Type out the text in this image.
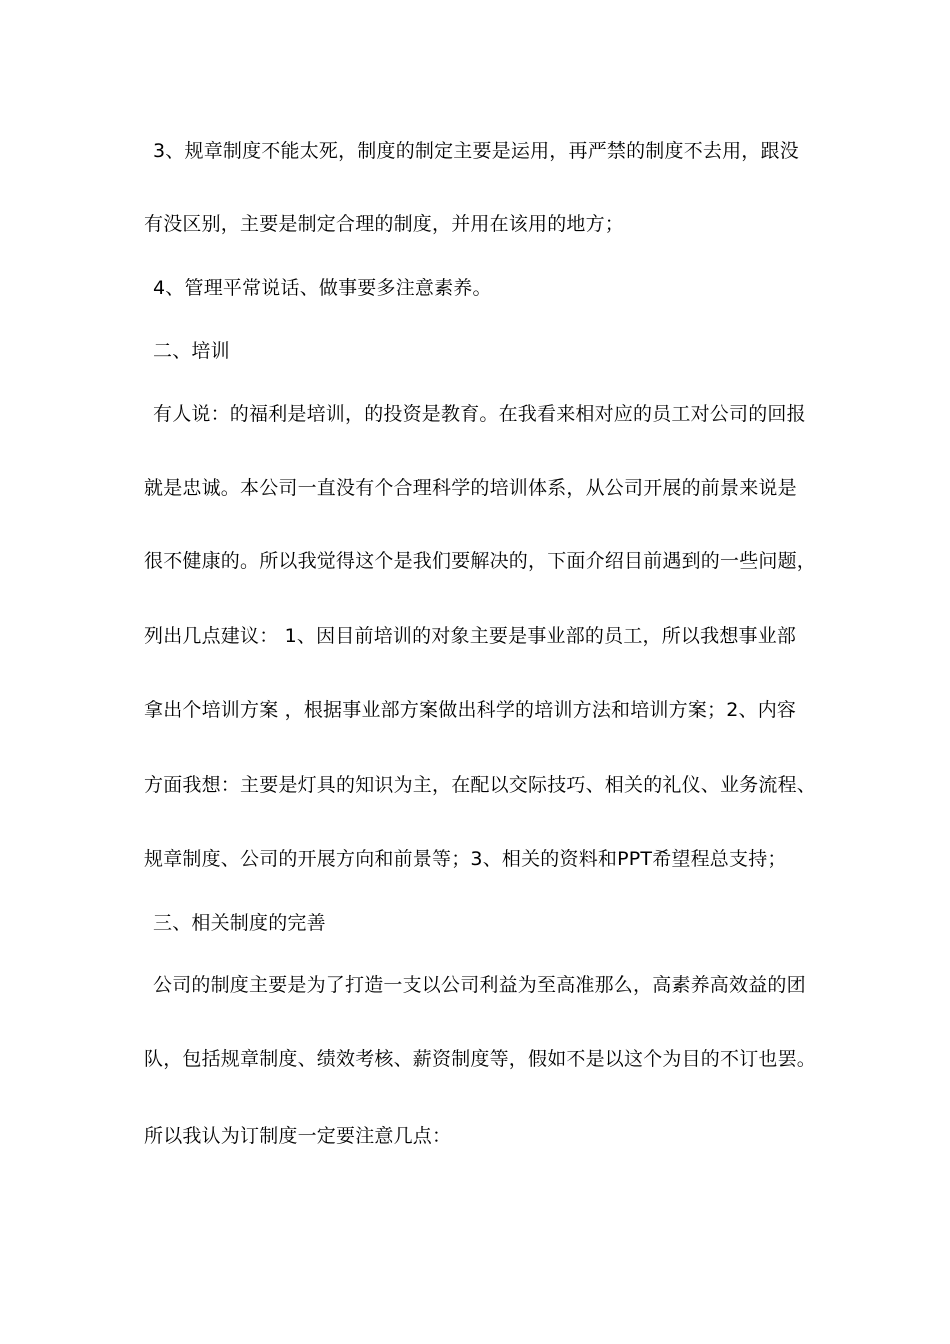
3、规章制度不能太死，制度的制定主要是运用，再严禁的制度不去用，跟没
有没区别，主要是制定合理的制度，并用在该用的地方；
4、管理平常说话、做事要多注意素养。
二、培训
有人说：的福利是培训，的投资是教育。在我看来相对应的员工对公司的回报
就是忠诚。本公司一直没有个合理科学的培训体系，从公司开展的前景来说是
很不健康的。所以我觉得这个是我们要解决的，下面介绍目前遇到的一些问题，
列出几点建议： 1、因目前培训的对象主要是事业部的员工，所以我想事业部
拿出个培训方案 ，根据事业部方案做出科学的培训方法和培训方案；2、内容
方面我想：主要是灯具的知识为主，在配以交际技巧、相关的礼仪、业务流程、
规章制度、公司的开展方向和前景等；3、相关的资料和PPT希望程总支持；
三、相关制度的完善
公司的制度主要是为了打造一支以公司利益为至高准那么，高素养高效益的团
队，包括规章制度、绩效考核、薪资制度等，假如不是以这个为目的不订也罢。
所以我认为订制度一定要注意几点：
